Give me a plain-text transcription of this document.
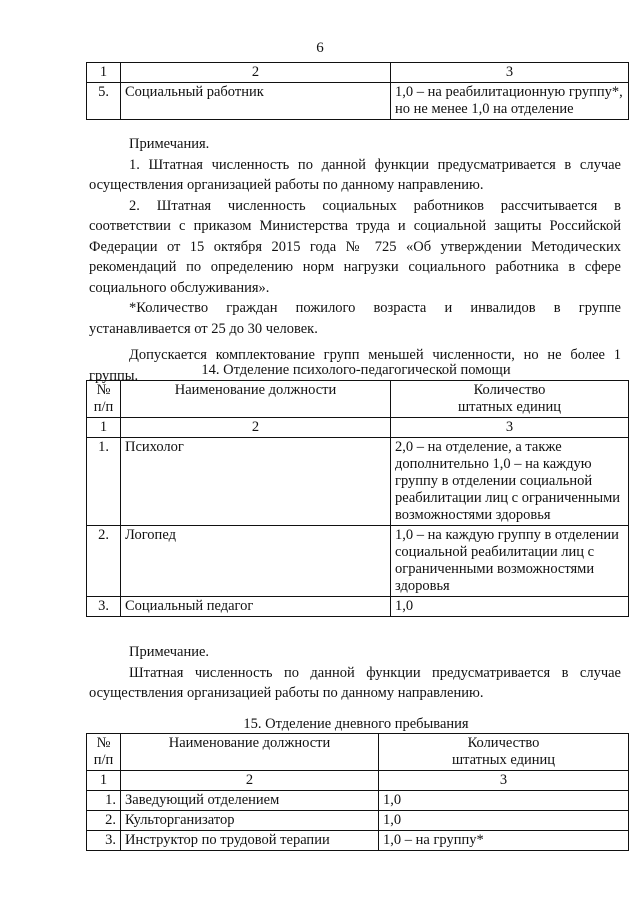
6
1	2	3
5.	Социальный работник	1,0 – на реабилитационную группу*, но не менее 1,0 на отделение

Примечания.

1. Штатная численность по данной функции предусматривается в случае осуществления организацией работы по данному направлению.

2. Штатная численность социальных работников рассчитывается в соответствии с приказом Министерства труда и социальной защиты Российской Федерации от 15 октября 2015 года № 725 «Об утверждении Методических рекомендаций по определению норм нагрузки социального работника в сфере социального обслуживания».

*Количество граждан пожилого возраста и инвалидов в группе устанавливается от 25 до 30 человек.

Допускается комплектование групп меньшей численности, но не более 1 группы.	14. Отделение психолого-педагогической помощи
№ п/п	Наименование должности	Количество
штатных единиц

1	2	3
1.	Психолог	2,0 – на отделение, а также дополнительно 1,0 – на каждую группу в отделении социальной реабилитации лиц с ограниченными возможностями здоровья
2.	Логопед	1,0 – на каждую группу в отделении социальной реабилитации лиц с ограниченными возможностями здоровья
3.	Социальный педагог	1,0

Примечание.

Штатная численность по данной функции предусматривается в случае осуществления организацией работы по данному направлению.

15. Отделение дневного пребывания
№ п/п	Наименование должности	Количество
штатных единиц

1	2	3
1.	Заведующий отделением	1,0
2.	Культорганизатор	1,0
3.	Инструктор по трудовой терапии	1,0 – на группу*
